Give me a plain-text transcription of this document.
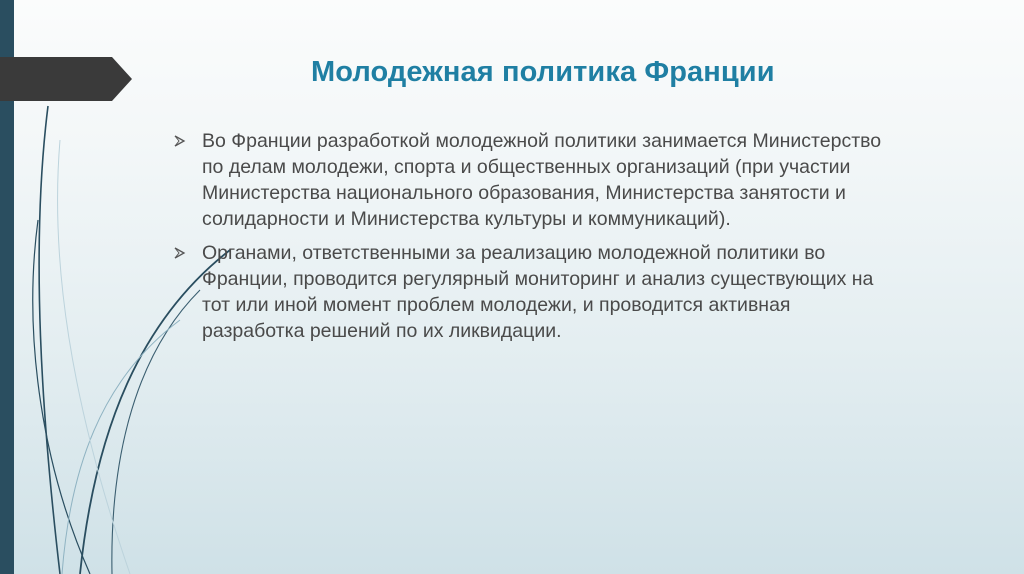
Молодежная политика Франции
Во Франции разработкой молодежной политики занимается Министерство по делам молодежи, спорта и общественных организаций (при участии Министерства национального образования, Министерства занятости и солидарности и Министерства культуры и коммуникаций).
Органами, ответственными за реализацию молодежной политики во Франции, проводится регулярный мониторинг и анализ существующих на тот или иной момент проблем молодежи, и проводится активная разработка решений по их ликвидации.
